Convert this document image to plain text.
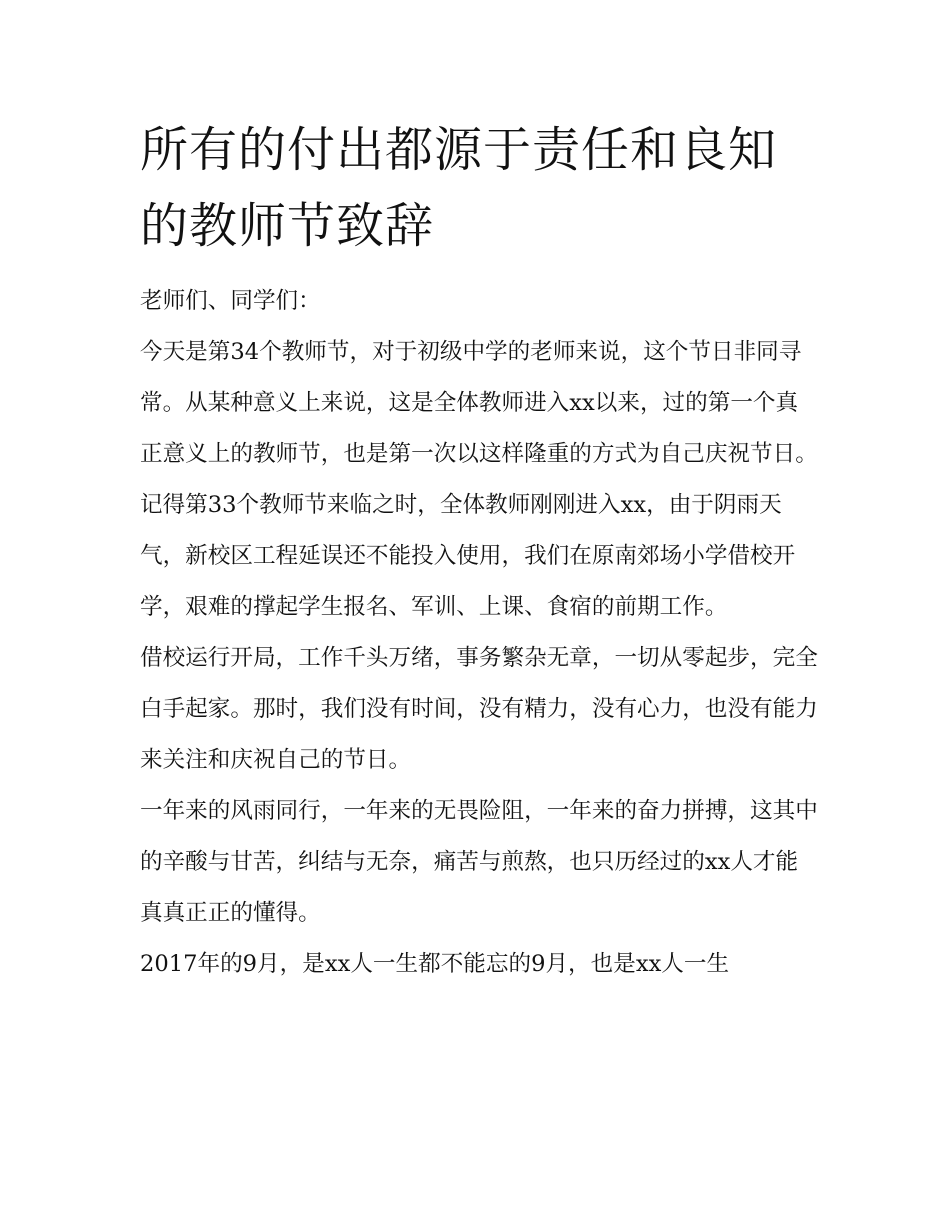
所有的付出都源于责任和良知
的教师节致辞

老师们、同学们：

今天是第34个教师节，对于初级中学的老师来说，这个节日非同寻常。从某种意义上来说，这是全体教师进入xx以来，过的第一个真正意义上的教师节，也是第一次以这样隆重的方式为自己庆祝节日。

记得第33个教师节来临之时，全体教师刚刚进入xx，由于阴雨天气，新校区工程延误还不能投入使用，我们在原南郊场小学借校开学，艰难的撑起学生报名、军训、上课、食宿的前期工作。

借校运行开局，工作千头万绪，事务繁杂无章，一切从零起步，完全白手起家。那时，我们没有时间，没有精力，没有心力，也没有能力来关注和庆祝自己的节日。

一年来的风雨同行，一年来的无畏险阻，一年来的奋力拼搏，这其中的辛酸与甘苦，纠结与无奈，痛苦与煎熬，也只历经过的xx人才能真真正正的懂得。

2017年的9月，是xx人一生都不能忘的9月，也是xx人一生
